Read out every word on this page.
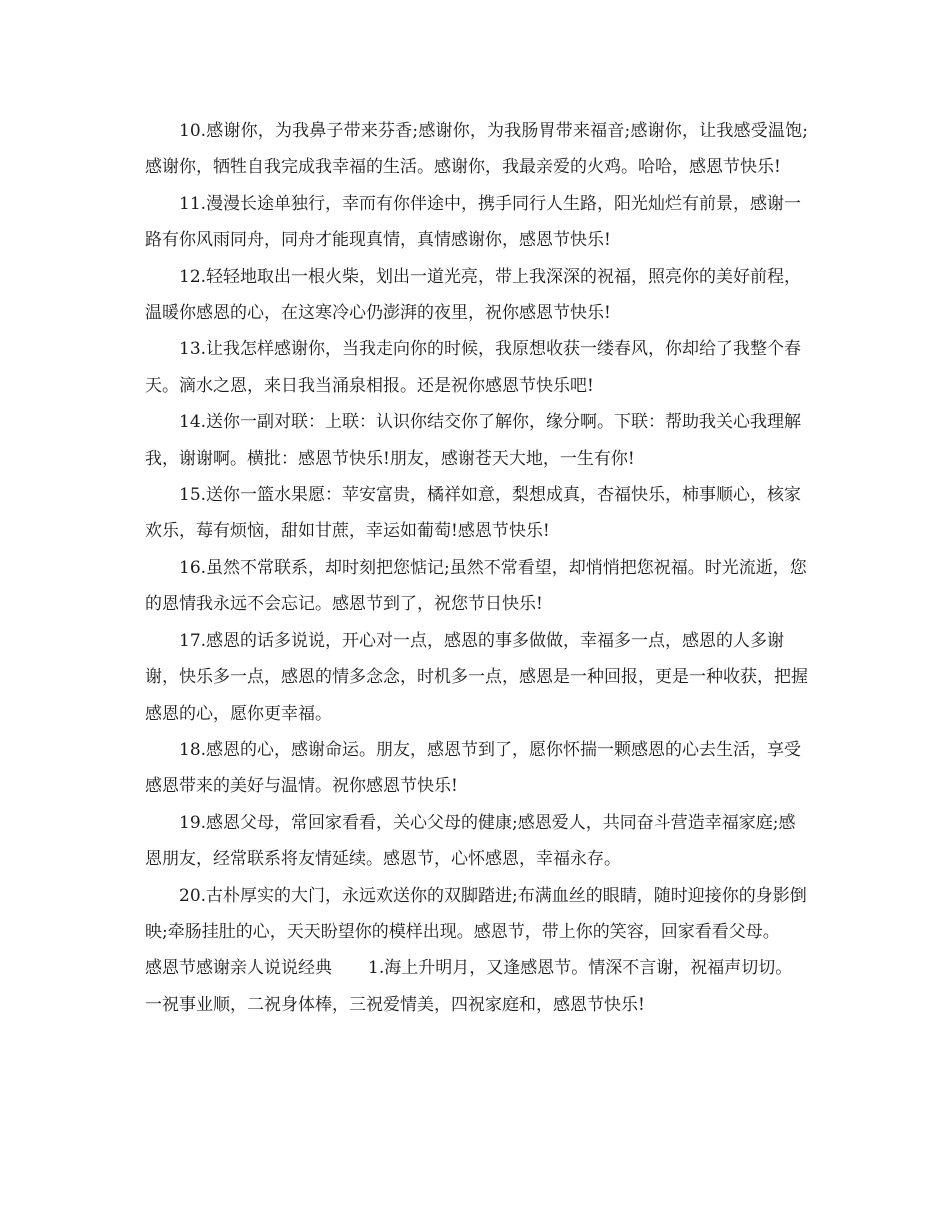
10.感谢你，为我鼻子带来芬香;感谢你，为我肠胃带来福音;感谢你，让我感受温饱;感谢你，牺牲自我完成我幸福的生活。感谢你，我最亲爱的火鸡。哈哈，感恩节快乐!

11.漫漫长途单独行，幸而有你伴途中，携手同行人生路，阳光灿烂有前景，感谢一路有你风雨同舟，同舟才能现真情，真情感谢你，感恩节快乐!

12.轻轻地取出一根火柴，划出一道光亮，带上我深深的祝福，照亮你的美好前程，温暖你感恩的心，在这寒冷心仍澎湃的夜里，祝你感恩节快乐!

13.让我怎样感谢你，当我走向你的时候，我原想收获一缕春风，你却给了我整个春天。滴水之恩，来日我当涌泉相报。还是祝你感恩节快乐吧!

14.送你一副对联：上联：认识你结交你了解你，缘分啊。下联：帮助我关心我理解我，谢谢啊。横批：感恩节快乐!朋友，感谢苍天大地，一生有你!

15.送你一篮水果愿：苹安富贵，橘祥如意，梨想成真，杏福快乐，柿事顺心，核家欢乐，莓有烦恼，甜如甘蔗，幸运如葡萄!感恩节快乐!

16.虽然不常联系，却时刻把您惦记;虽然不常看望，却悄悄把您祝福。时光流逝，您的恩情我永远不会忘记。感恩节到了，祝您节日快乐!

17.感恩的话多说说，开心对一点，感恩的事多做做，幸福多一点，感恩的人多谢谢，快乐多一点，感恩的情多念念，时机多一点，感恩是一种回报，更是一种收获，把握感恩的心，愿你更幸福。

18.感恩的心，感谢命运。朋友，感恩节到了，愿你怀揣一颗感恩的心去生活，享受感恩带来的美好与温情。祝你感恩节快乐!

19.感恩父母，常回家看看，关心父母的健康;感恩爱人，共同奋斗营造幸福家庭;感恩朋友，经常联系将友情延续。感恩节，心怀感恩，幸福永存。

20.古朴厚实的大门，永远欢送你的双脚踏进;布满血丝的眼睛，随时迎接你的身影倒映;牵肠挂肚的心，天天盼望你的模样出现。感恩节，带上你的笑容，回家看看父母。

感恩节感谢亲人说说经典 1.海上升明月，又逢感恩节。情深不言谢，祝福声切切。一祝事业顺，二祝身体棒，三祝爱情美，四祝家庭和，感恩节快乐!
